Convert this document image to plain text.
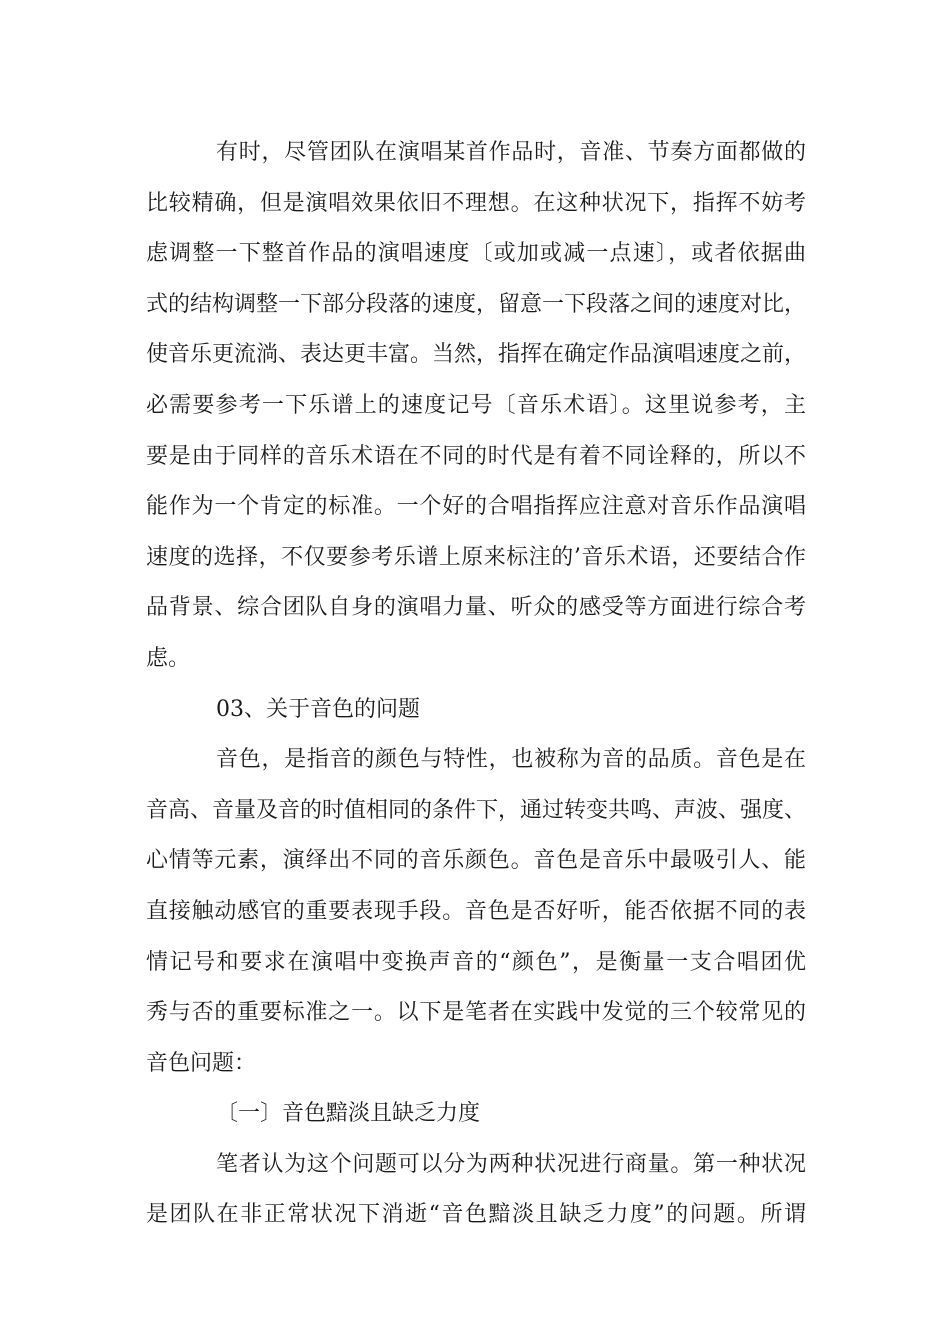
有时，尽管团队在演唱某首作品时，音准、节奏方面都做的
比较精确，但是演唱效果依旧不理想。在这种状况下，指挥不妨考
虑调整一下整首作品的演唱速度〔或加或减一点速〕，或者依据曲
式的结构调整一下部分段落的速度，留意一下段落之间的速度对比，
使音乐更流淌、表达更丰富。当然，指挥在确定作品演唱速度之前，
必需要参考一下乐谱上的速度记号〔音乐术语〕。这里说参考，主
要是由于同样的音乐术语在不同的时代是有着不同诠释的，所以不
能作为一个肯定的标准。一个好的合唱指挥应注意对音乐作品演唱
速度的选择，不仅要参考乐谱上原来标注的’音乐术语，还要结合作
品背景、综合团队自身的演唱力量、听众的感受等方面进行综合考
虑。
03、关于音色的问题
音色，是指音的颜色与特性，也被称为音的品质。音色是在
音高、音量及音的时值相同的条件下，通过转变共鸣、声波、强度、
心情等元素，演绎出不同的音乐颜色。音色是音乐中最吸引人、能
直接触动感官的重要表现手段。音色是否好听，能否依据不同的表
情记号和要求在演唱中变换声音的“颜色”，是衡量一支合唱团优
秀与否的重要标准之一。以下是笔者在实践中发觉的三个较常见的
音色问题：
〔一〕音色黯淡且缺乏力度
笔者认为这个问题可以分为两种状况进行商量。第一种状况
是团队在非正常状况下消逝“音色黯淡且缺乏力度”的问题。所谓
